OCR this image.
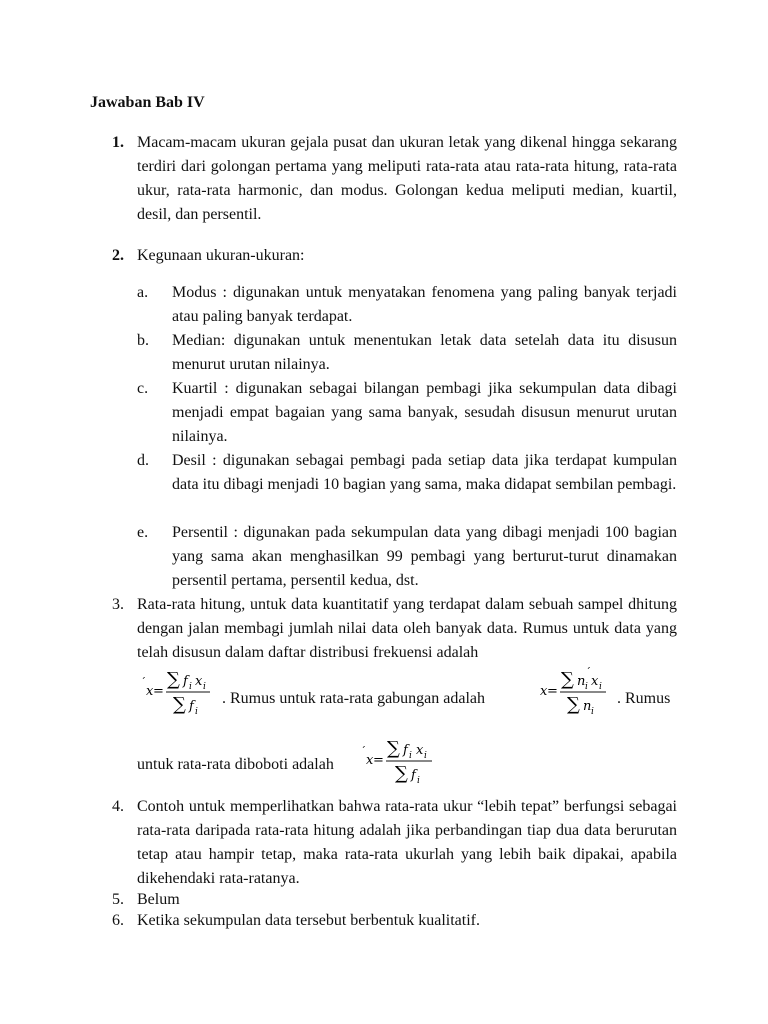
Jawaban Bab IV
1. Macam-macam ukuran gejala pusat dan ukuran letak yang dikenal hingga sekarang terdiri dari golongan pertama yang meliputi rata-rata atau rata-rata hitung, rata-rata ukur, rata-rata harmonic, dan modus. Golongan kedua meliputi median, kuartil, desil, dan persentil.
2. Kegunaan ukuran-ukuran:
a. Modus : digunakan untuk menyatakan fenomena yang paling banyak terjadi atau paling banyak terdapat.
b. Median: digunakan untuk menentukan letak data setelah data itu disusun menurut urutan nilainya.
c. Kuartil : digunakan sebagai bilangan pembagi jika sekumpulan data dibagi menjadi empat bagaian yang sama banyak, sesudah disusun menurut urutan nilainya.
d. Desil : digunakan sebagai pembagi pada setiap data jika terdapat kumpulan data itu dibagi menjadi 10 bagian yang sama, maka didapat sembilan pembagi.
e. Persentil : digunakan pada sekumpulan data yang dibagi menjadi 100 bagian yang sama akan menghasilkan 99 pembagi yang berturut-turut dinamakan persentil pertama, persentil kedua, dst.
3. Rata-rata hitung, untuk data kuantitatif yang terdapat dalam sebuah sampel dhitung dengan jalan membagi jumlah nilai data oleh banyak data. Rumus untuk data yang telah disusun dalam daftar distribusi frekuensi adalah
x =
∑ f i x i
∑ f i
. Rumus untuk rata-rata gabungan adalah	x =
∑ n i x i
∑ n i
. Rumus
untuk rata-rata diboboti adalah x =
∑ f i x i
∑ f i
4. Contoh untuk memperlihatkan bahwa rata-rata ukur “lebih tepat” berfungsi sebagai rata-rata daripada rata-rata hitung adalah jika perbandingan tiap dua data berurutan tetap atau hampir tetap, maka rata-rata ukurlah yang lebih baik dipakai, apabila dikehendaki rata-ratanya.
5. Belum
6. Ketika sekumpulan data tersebut berbentuk kualitatif.
